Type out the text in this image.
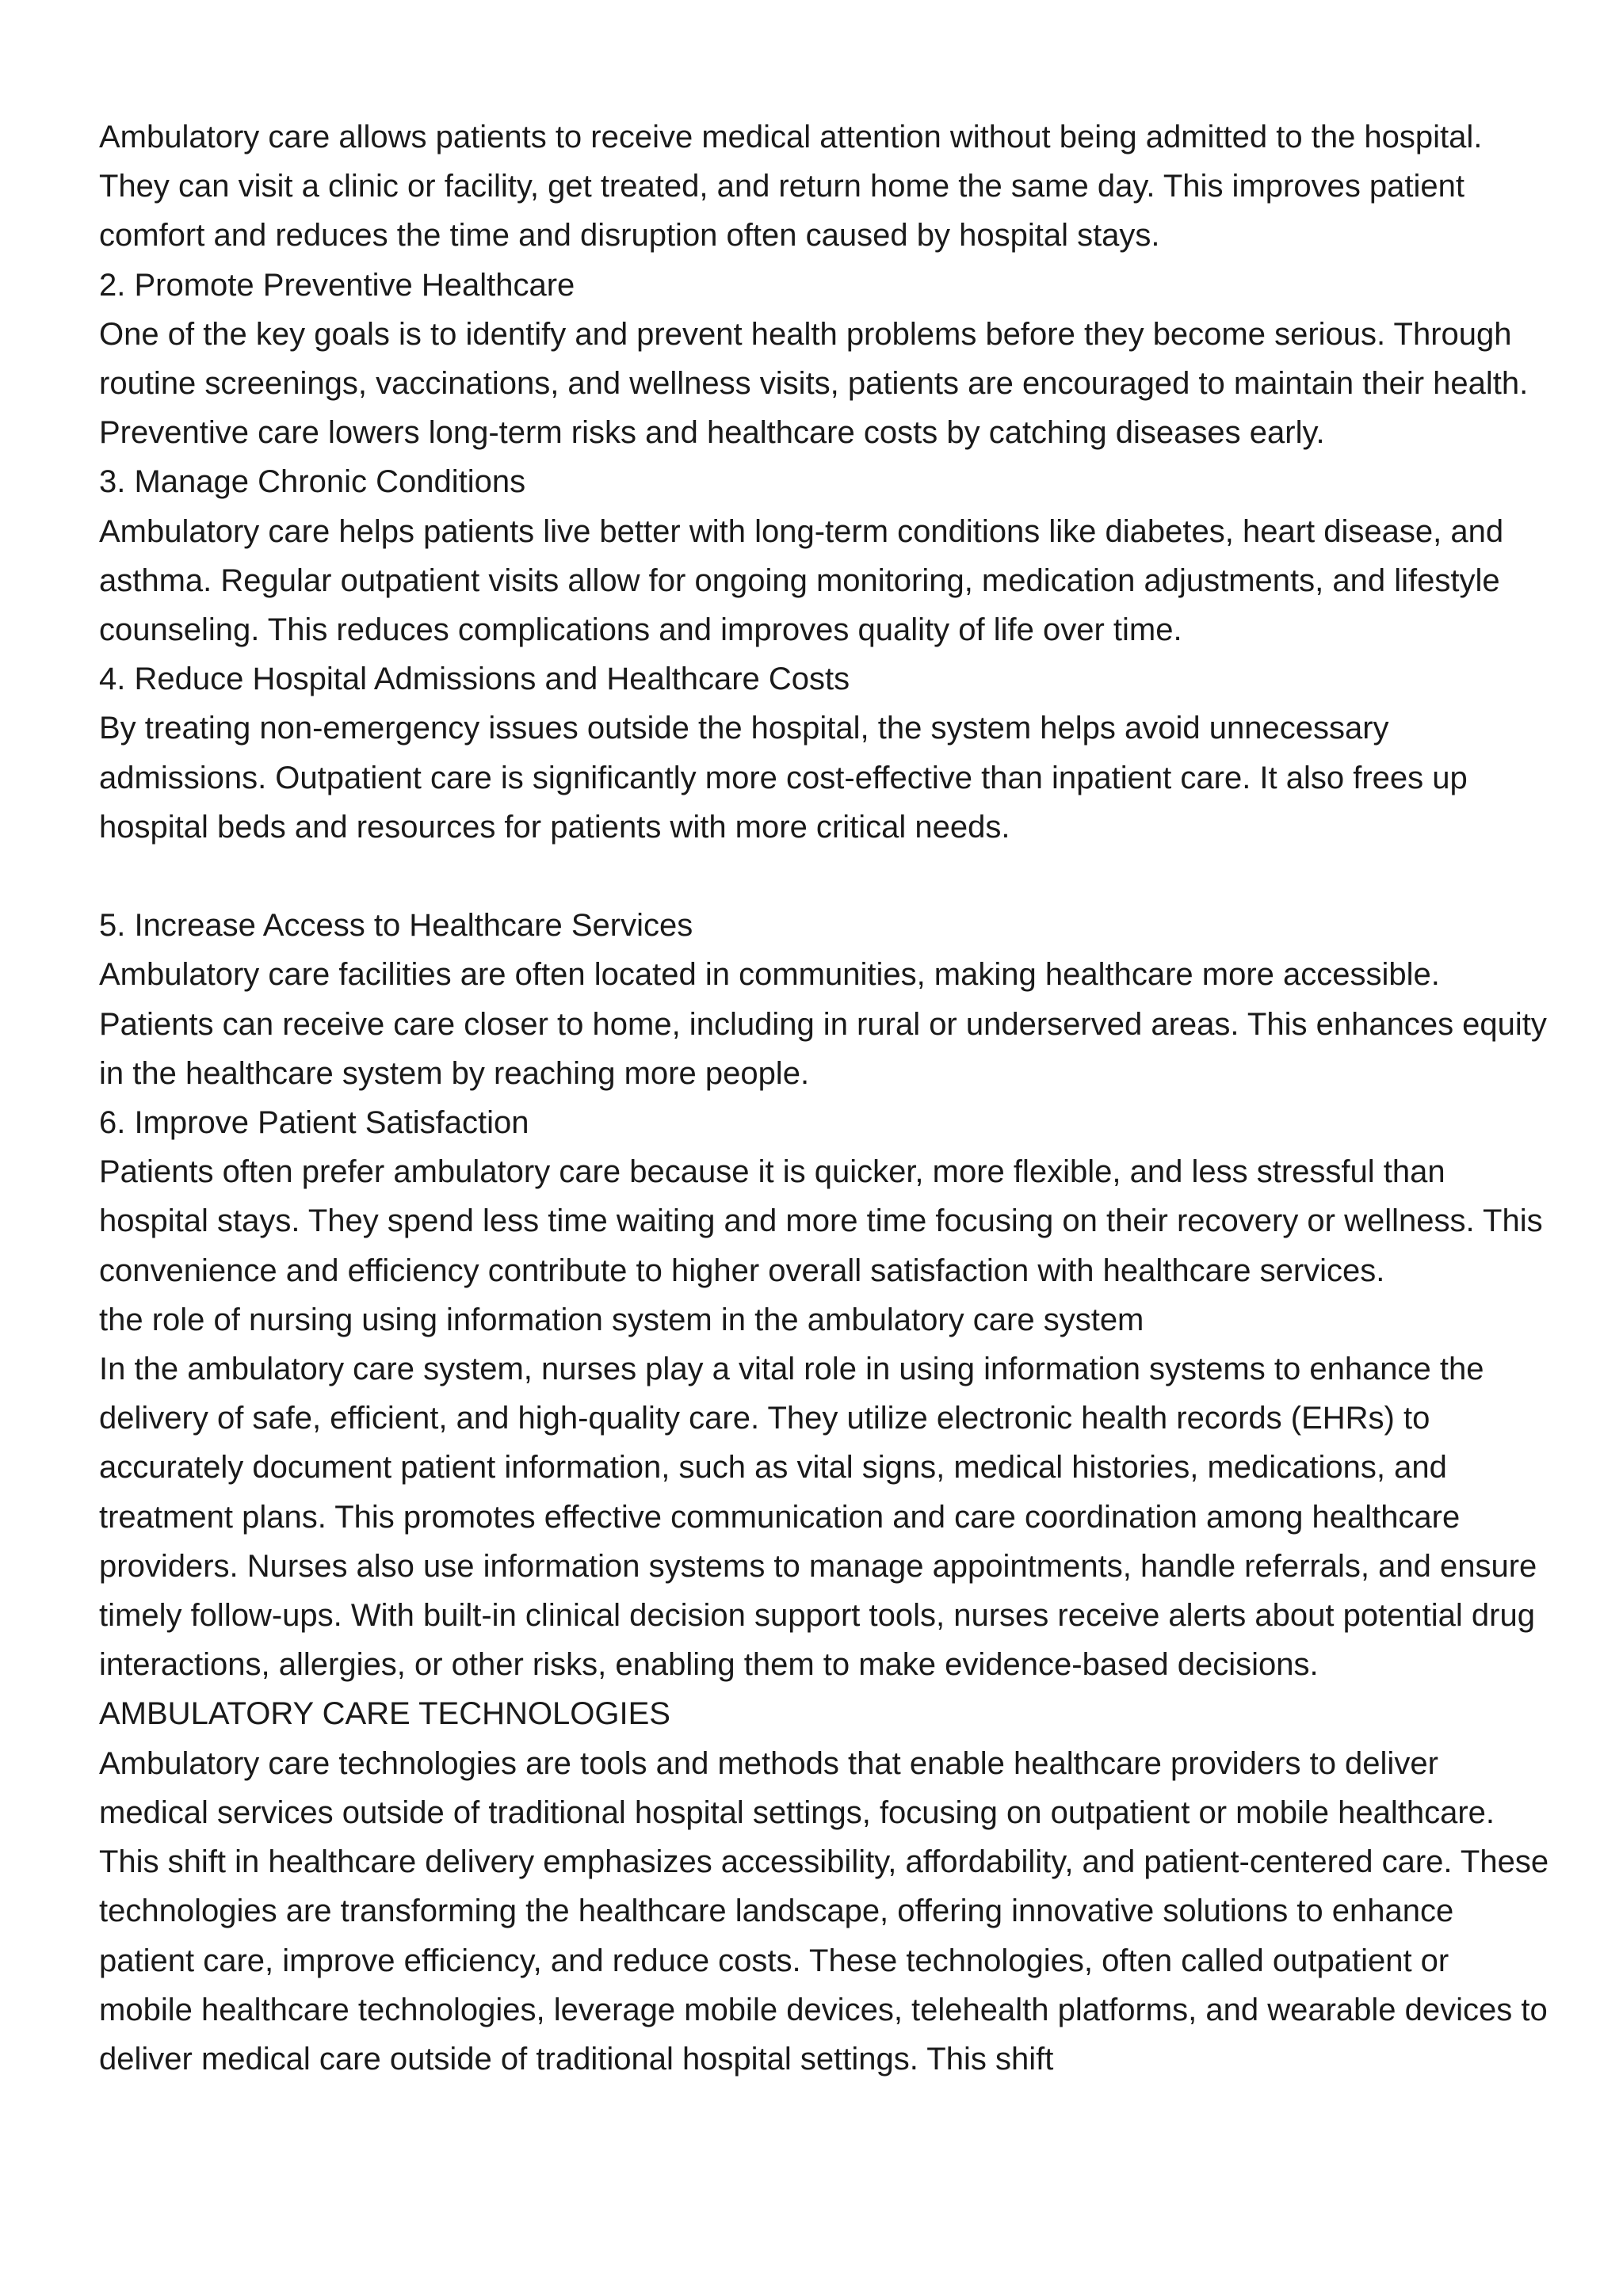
Ambulatory care allows patients to receive medical attention without being admitted to the hospital. They can visit a clinic or facility, get treated, and return home the same day. This improves patient comfort and reduces the time and disruption often caused by hospital stays.

2. Promote Preventive Healthcare

One of the key goals is to identify and prevent health problems before they become serious. Through routine screenings, vaccinations, and wellness visits, patients are encouraged to maintain their health. Preventive care lowers long-term risks and healthcare costs by catching diseases early.

3. Manage Chronic Conditions

Ambulatory care helps patients live better with long-term conditions like diabetes, heart disease, and asthma. Regular outpatient visits allow for ongoing monitoring, medication adjustments, and lifestyle counseling. This reduces complications and improves quality of life over time.

4. Reduce Hospital Admissions and Healthcare Costs

By treating non-emergency issues outside the hospital, the system helps avoid unnecessary admissions. Outpatient care is significantly more cost-effective than inpatient care. It also frees up hospital beds and resources for patients with more critical needs.

5. Increase Access to Healthcare Services

Ambulatory care facilities are often located in communities, making healthcare more accessible. Patients can receive care closer to home, including in rural or underserved areas. This enhances equity in the healthcare system by reaching more people.

6. Improve Patient Satisfaction

Patients often prefer ambulatory care because it is quicker, more flexible, and less stressful than hospital stays. They spend less time waiting and more time focusing on their recovery or wellness. This convenience and efficiency contribute to higher overall satisfaction with healthcare services.

the role of nursing using information system in the ambulatory care system

In the ambulatory care system, nurses play a vital role in using information systems to enhance the delivery of safe, efficient, and high-quality care. They utilize electronic health records (EHRs) to accurately document patient information, such as vital signs, medical histories, medications, and treatment plans. This promotes effective communication and care coordination among healthcare providers. Nurses also use information systems to manage appointments, handle referrals, and ensure timely follow-ups. With built-in clinical decision support tools, nurses receive alerts about potential drug interactions, allergies, or other risks, enabling them to make evidence-based decisions.

AMBULATORY CARE TECHNOLOGIES

Ambulatory care technologies are tools and methods that enable healthcare providers to deliver medical services outside of traditional hospital settings, focusing on outpatient or mobile healthcare. This shift in healthcare delivery emphasizes accessibility, affordability, and patient-centered care. These technologies are transforming the healthcare landscape, offering innovative solutions to enhance patient care, improve efficiency, and reduce costs. These technologies, often called outpatient or mobile healthcare technologies, leverage mobile devices, telehealth platforms, and wearable devices to deliver medical care outside of traditional hospital settings. This shift
